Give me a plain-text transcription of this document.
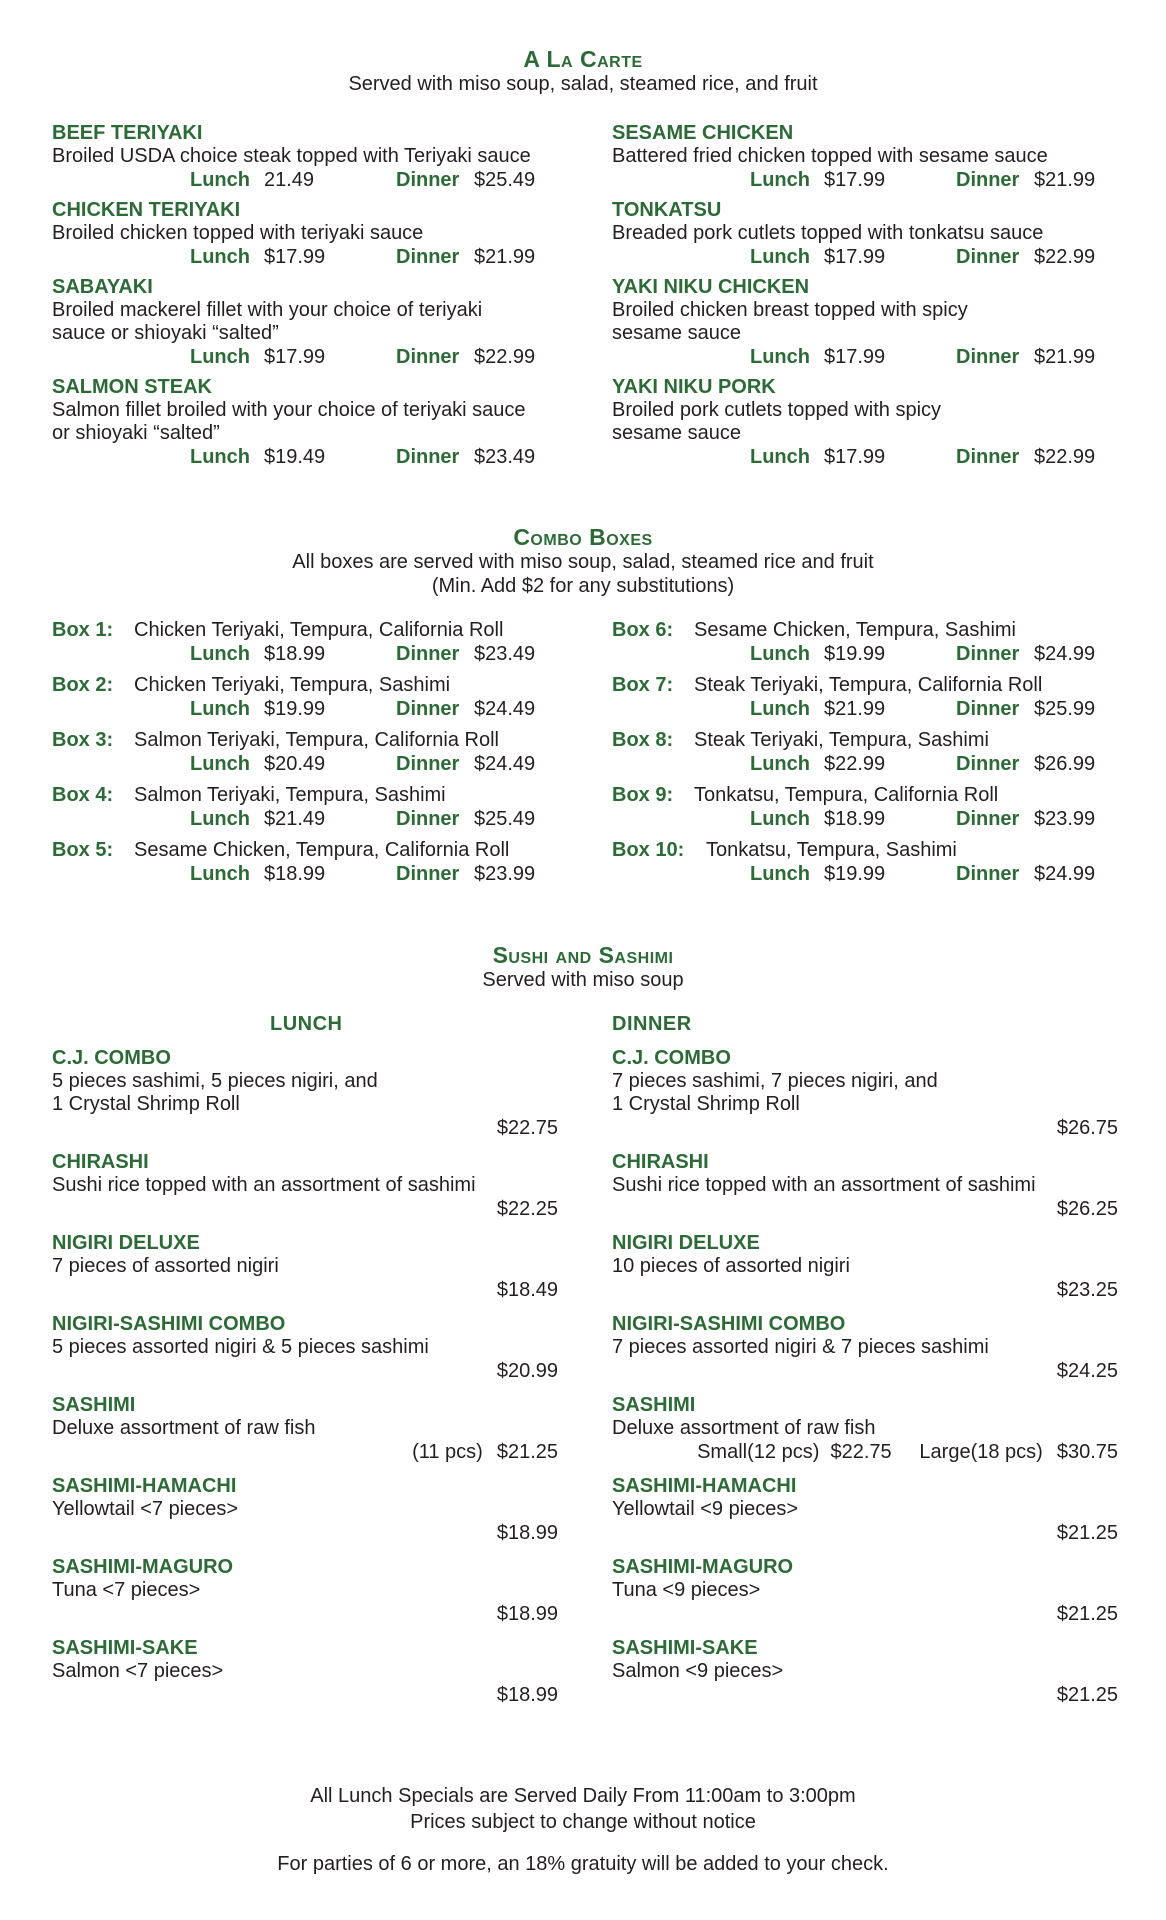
A La Carte
Served with miso soup, salad, steamed rice, and fruit
BEEF TERIYAKI
Broiled USDA choice steak topped with Teriyaki sauce
Lunch 21.49	Dinner $25.49
CHICKEN TERIYAKI
Broiled chicken topped with teriyaki sauce
Lunch $17.99	Dinner $21.99
SABAYAKI
Broiled mackerel fillet with your choice of teriyaki
sauce or shioyaki “salted”
Lunch $17.99	Dinner $22.99
SALMON STEAK
Salmon fillet broiled with your choice of teriyaki sauce
or shioyaki “salted”
Lunch $19.49	Dinner $23.49
SESAME CHICKEN
Battered fried chicken topped with sesame sauce
Lunch $17.99	Dinner $21.99
TONKATSU
Breaded pork cutlets topped with tonkatsu sauce
Lunch $17.99	Dinner $22.99
YAKI NIKU CHICKEN
Broiled chicken breast topped with spicy
sesame sauce
Lunch $17.99	Dinner $21.99
YAKI NIKU PORK
Broiled pork cutlets topped with spicy
sesame sauce
Lunch $17.99	Dinner $22.99
Combo Boxes
All boxes are served with miso soup, salad, steamed rice and fruit
(Min. Add $2 for any substitutions)
Box 1: Chicken Teriyaki, Tempura, California Roll
Lunch $18.99	Dinner $23.49
Box 2: Chicken Teriyaki, Tempura, Sashimi
Lunch $19.99	Dinner $24.49
Box 3: Salmon Teriyaki, Tempura, California Roll
Lunch $20.49	Dinner $24.49
Box 4: Salmon Teriyaki, Tempura, Sashimi
Lunch $21.49	Dinner $25.49
Box 5: Sesame Chicken, Tempura, California Roll
Lunch $18.99	Dinner $23.99
Box 6: Sesame Chicken, Tempura, Sashimi
Lunch $19.99	Dinner $24.99
Box 7: Steak Teriyaki, Tempura, California Roll
Lunch $21.99	Dinner $25.99
Box 8: Steak Teriyaki, Tempura, Sashimi
Lunch $22.99	Dinner $26.99
Box 9: Tonkatsu, Tempura, California Roll
Lunch $18.99	Dinner $23.99
Box 10: Tonkatsu, Tempura, Sashimi
Lunch $19.99	Dinner $24.99
Sushi and Sashimi
Served with miso soup
LUNCH
C.J. COMBO
5 pieces sashimi, 5 pieces nigiri, and
1 Crystal Shrimp Roll
$22.75
CHIRASHI
Sushi rice topped with an assortment of sashimi
$22.25
NIGIRI DELUXE
7 pieces of assorted nigiri
$18.49
NIGIRI-SASHIMI COMBO
5 pieces assorted nigiri & 5 pieces sashimi
$20.99
SASHIMI
Deluxe assortment of raw fish
(11 pcs) $21.25
SASHIMI-HAMACHI
Yellowtail <7 pieces>
$18.99
SASHIMI-MAGURO
Tuna <7 pieces>
$18.99
SASHIMI-SAKE
Salmon <7 pieces>
$18.99
DINNER
C.J. COMBO
7 pieces sashimi, 7 pieces nigiri, and
1 Crystal Shrimp Roll
$26.75
CHIRASHI
Sushi rice topped with an assortment of sashimi
$26.25
NIGIRI DELUXE
10 pieces of assorted nigiri
$23.25
NIGIRI-SASHIMI COMBO
7 pieces assorted nigiri & 7 pieces sashimi
$24.25
SASHIMI
Deluxe assortment of raw fish
Small(12 pcs)  $22.75     Large(18 pcs) $30.75
SASHIMI-HAMACHI
Yellowtail <9 pieces>
$21.25
SASHIMI-MAGURO
Tuna <9 pieces>
$21.25
SASHIMI-SAKE
Salmon <9 pieces>
$21.25
All Lunch Specials are Served Daily From 11:00am to 3:00pm
Prices subject to change without notice
For parties of 6 or more, an 18% gratuity will be added to your check.
